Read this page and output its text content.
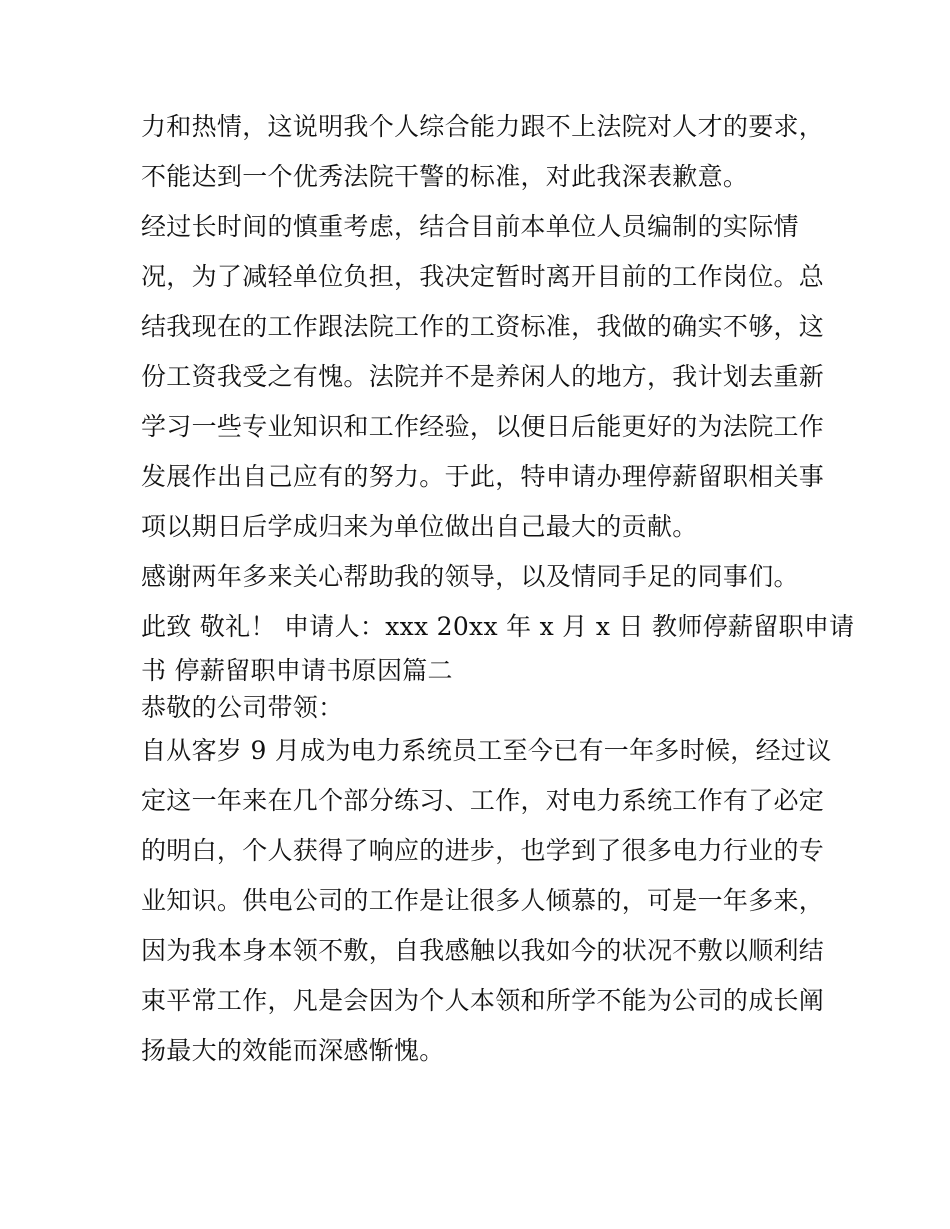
力和热情，这说明我个人综合能力跟不上法院对人才的要求，
不能达到一个优秀法院干警的标准，对此我深表歉意。
经过长时间的慎重考虑，结合目前本单位人员编制的实际情
况，为了减轻单位负担，我决定暂时离开目前的工作岗位。总
结我现在的工作跟法院工作的工资标准，我做的确实不够，这
份工资我受之有愧。法院并不是养闲人的地方，我计划去重新
学习一些专业知识和工作经验，以便日后能更好的为法院工作
发展作出自己应有的努力。于此，特申请办理停薪留职相关事
项以期日后学成归来为单位做出自己最大的贡献。
感谢两年多来关心帮助我的领导，以及情同手足的同事们。
此致 敬礼！ 申请人：xxx 20xx 年 x 月 x 日 教师停薪留职申请
书 停薪留职申请书原因篇二
恭敬的公司带领：
自从客岁 9 月成为电力系统员工至今已有一年多时候，经过议
定这一年来在几个部分练习、工作，对电力系统工作有了必定
的明白，个人获得了响应的进步，也学到了很多电力行业的专
业知识。供电公司的工作是让很多人倾慕的，可是一年多来，
因为我本身本领不敷，自我感触以我如今的状况不敷以顺利结
束平常工作，凡是会因为个人本领和所学不能为公司的成长阐
扬最大的效能而深感惭愧。
